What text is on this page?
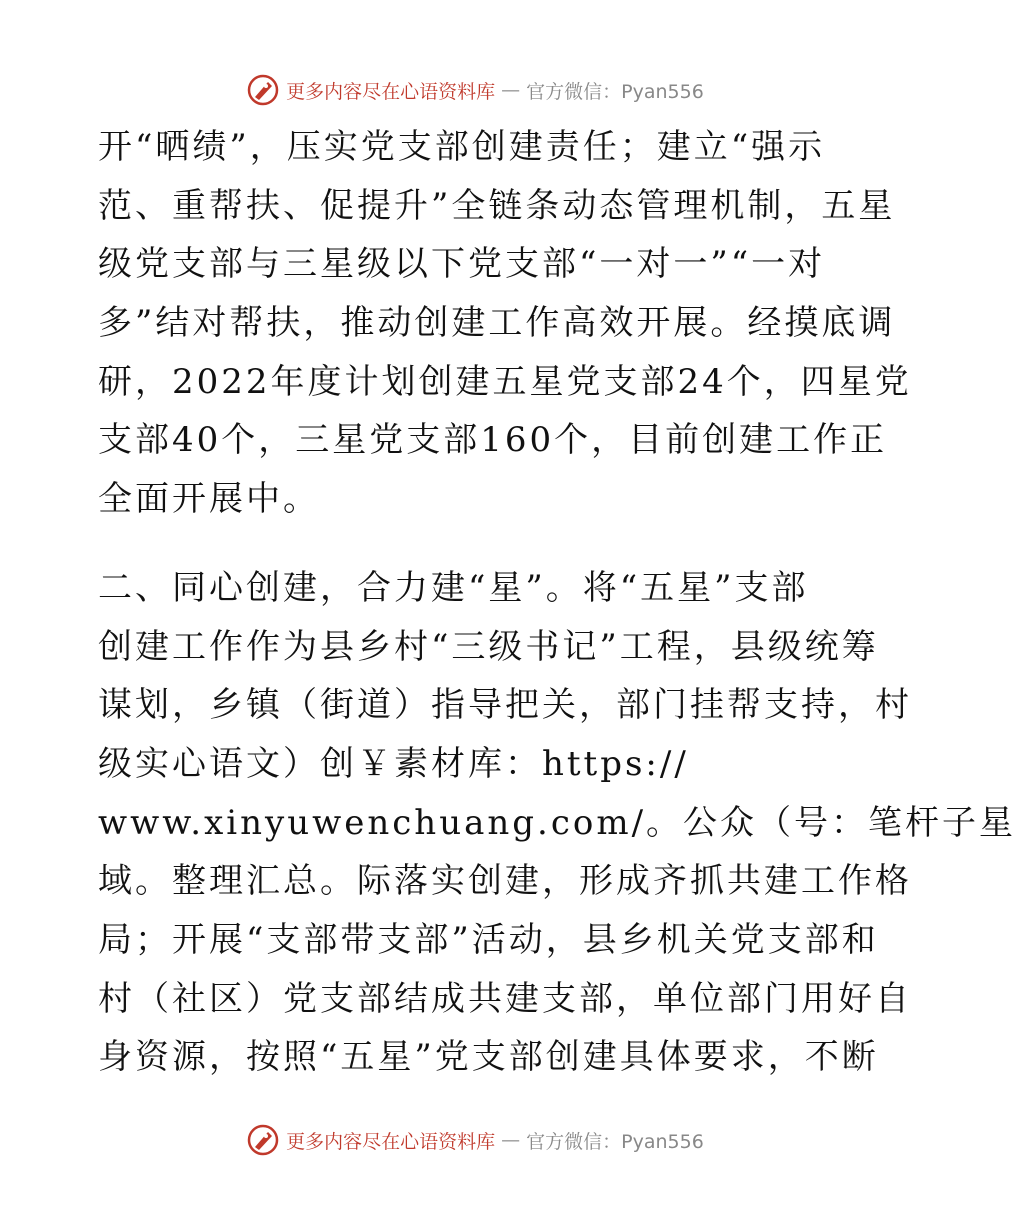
更多内容尽在心语资料库 — 官方微信：Pyan556
开“晒绩”，压实党支部创建责任；建立“强示
范、重帮扶、促提升”全链条动态管理机制，五星
级党支部与三星级以下党支部“一对一”“一对
多”结对帮扶，推动创建工作高效开展。经摸底调
研，2022年度计划创建五星党支部24个，四星党
支部40个，三星党支部160个，目前创建工作正
全面开展中。
二、同心创建，合力建“星”。将“五星”支部
创建工作作为县乡村“三级书记”工程，县级统筹
谋划，乡镇（街道）指导把关，部门挂帮支持，村
级实心语文）创￥素材库：https://
www.xinyuwenchuang.com/。公众（号：笔杆子星
域。整理汇总。际落实创建，形成齐抓共建工作格
局；开展“支部带支部”活动，县乡机关党支部和
村（社区）党支部结成共建支部，单位部门用好自
身资源，按照“五星”党支部创建具体要求，不断
更多内容尽在心语资料库 — 官方微信：Pyan556
